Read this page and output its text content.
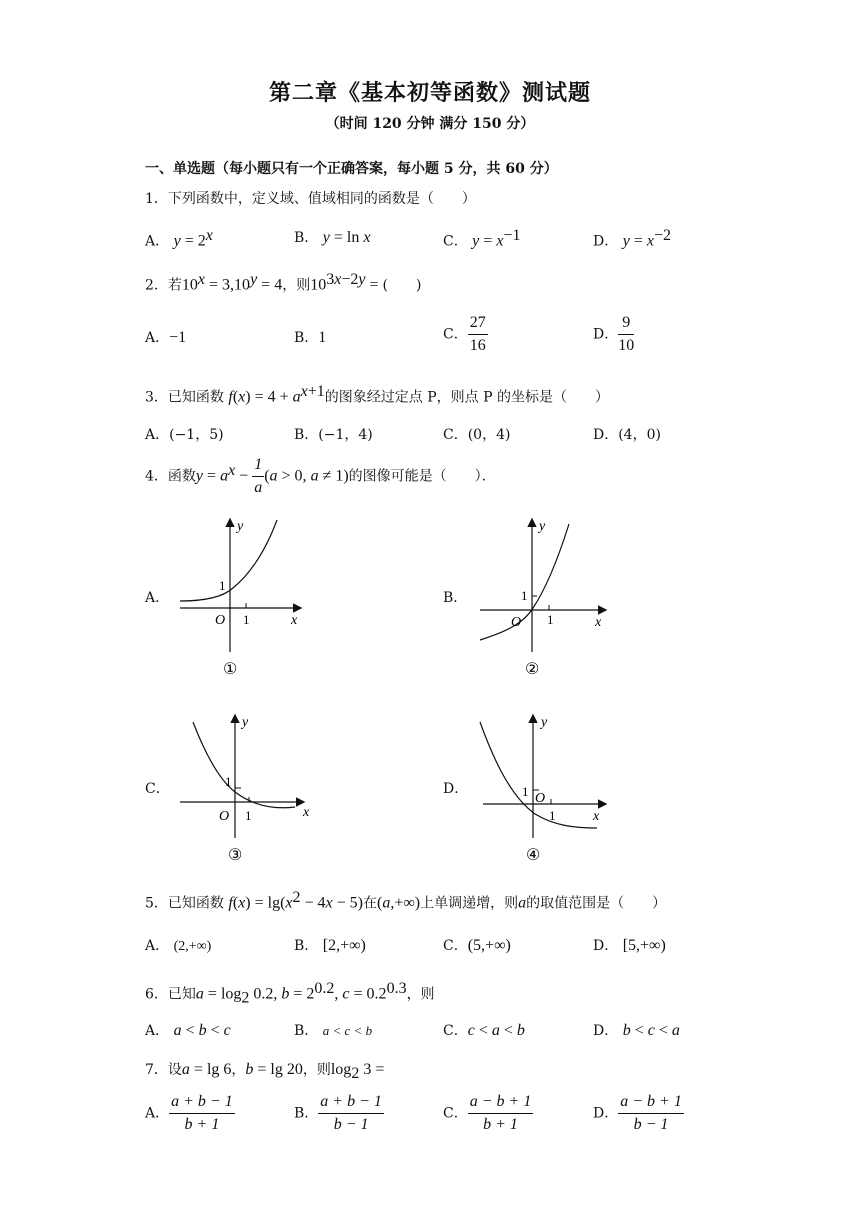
第二章《基本初等函数》测试题
（时间 120 分钟 满分 150 分）
一、单选题（每小题只有一个正确答案，每小题 5 分，共 60 分）
1．下列函数中，定义域、值域相同的函数是（　　）
A． $y = 2^x$	B． y = ln x	C． $y = x^{-1}$	D． $y = x^{-2}$
2．若$10^x = 3,10^y = 4$，则$10^{3x-2y}$ = (　　)
A．−1	B．1	C． $\frac{27}{16}$	D． $\frac{9}{10}$
3．已知函数 $f(x) = 4 + a^{x+1}$的图象经过定点 P，则点 P 的坐标是（　　）
A．(−1，5)	B．(−1，4)	C．(0，4)	D．(4，0)
4．函数$y = a^x - \frac{1}{a} (a > 0$, a ≠ 1)的图像可能是（　　）．
A．	B．
C．	D．
y
x
O 1
1
①
y
x
O 1
1
②
y
x
O 1
1
③
y
x
O
1
1
④
5．已知函数 $f(x) = \lg(x^2 - 4x - 5)$在(a,+∞)上单调递增，则a的取值范围是（　　）
A． (2,+∞)	B． [2,+∞)	C．(5,+∞)	D． [5,+∞)
6．已知$a = \log_2 0.2$, $b = 2^{0.2}$, $c = 0.2^{0.3}$，则
A． a < b < c	B． a < c < b	C．c < a < b	D． b < c < a
7．设a = lg 6，b = lg 20，则$\log_2 3$ =
A． $\frac{a + b - 1}{b + 1}$	B． $\frac{a + b - 1}{b - 1}$	C． $\frac{a - b + 1}{b + 1}$	D． $\frac{a - b + 1}{b - 1}$
